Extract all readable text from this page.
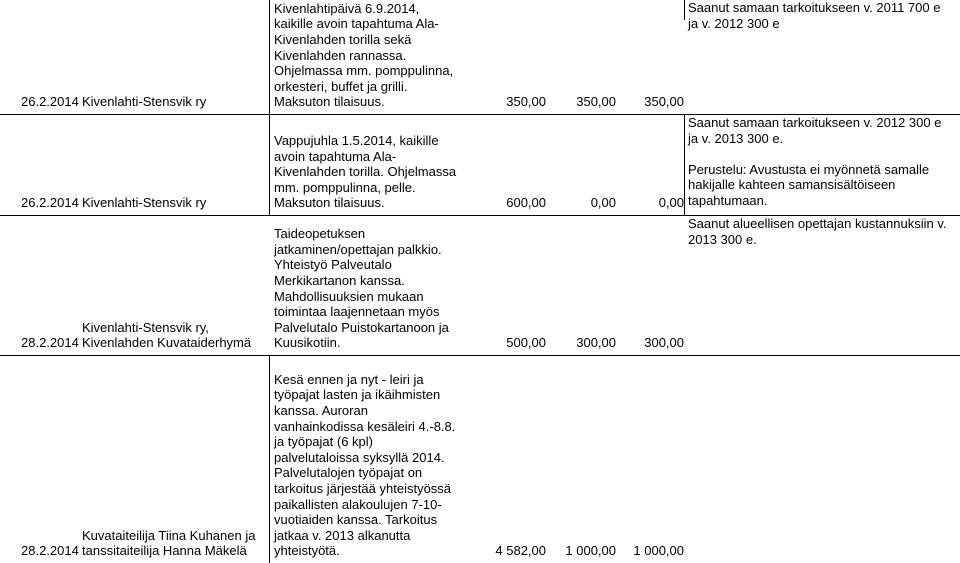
26.2.2014 Kivenlahti-Stensvik ry
Kivenlahtipäivä 6.9.2014,
kaikille avoin tapahtuma Ala-
Kivenlahden torilla sekä
Kivenlahden rannassa.
Ohjelmassa mm. pomppulinna,
orkesteri, buffet ja grilli.
Maksuton tilaisuus.	350,00	350,00	350,00
Saanut samaan tarkoitukseen v. 2011 700 e
ja v. 2012 300 e
26.2.2014 Kivenlahti-Stensvik ry
Vappujuhla 1.5.2014, kaikille
avoin tapahtuma Ala-
Kivenlahden torilla. Ohjelmassa
mm. pomppulinna, pelle.
Maksuton tilaisuus.	600,00	0,00	0,00
Saanut samaan tarkoitukseen v. 2012 300 e
ja v. 2013 300 e.

Perustelu: Avustusta ei myönnetä samalle
hakijalle kahteen samansisältöiseen
tapahtumaan.
28.2.2014
Kivenlahti-Stensvik ry,
Kivenlahden Kuvataiderhymä
Taideopetuksen
jatkaminen/opettajan palkkio.
Yhteistyö Palveutalo
Merkikartanon kanssa.
Mahdollisuuksien mukaan
toimintaa laajennetaan myös
Palvelutalo Puistokartanoon ja
Kuusikotiin.	500,00	300,00	300,00
Saanut alueellisen opettajan kustannuksiin v.
2013 300 e.
28.2.2014
Kuvataiteilija Tiina Kuhanen ja
tanssitaiteilija Hanna Mäkelä
Kesä ennen ja nyt - leiri ja
työpajat lasten ja ikäihmisten
kanssa. Auroran
vanhainkodissa kesäleiri 4.-8.8.
ja työpajat (6 kpl)
palvelutaloissa syksyllä 2014.
Palvelutalojen työpajat on
tarkoitus järjestää yhteistyössä
paikallisten alakoulujen 7-10-
vuotiaiden kanssa. Tarkoitus
jatkaa v. 2013 alkanutta
yhteistyötä.	4 582,00	1 000,00	1 000,00
